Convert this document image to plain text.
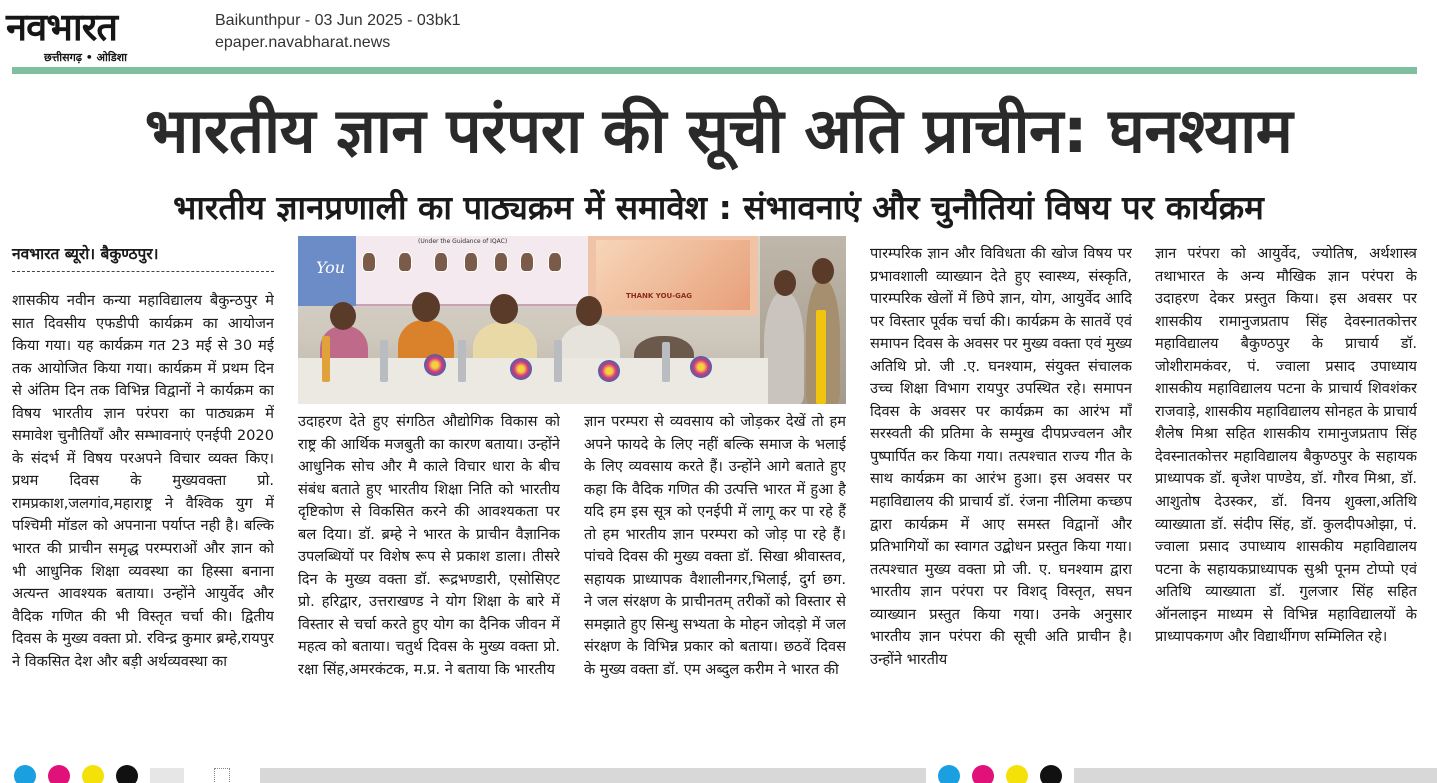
नवभारत
छत्तीसगढ़ • ओडिशा
Baikunthpur - 03 Jun 2025 - 03bk1
epaper.navabharat.news
भारतीय ज्ञान परंपरा की सूची अति प्राचीन: घनश्याम
भारतीय ज्ञानप्रणाली का पाठ्यक्रम में समावेश : संभावनाएं और चुनौतियां विषय पर कार्यक्रम
नवभारत ब्यूरो। बैकुण्ठपुर।

शासकीय नवीन कन्या महाविद्यालय बैकुन्ठपुर मे सात दिवसीय एफडीपी कार्यक्रम का आयोजन किया गया। यह कार्यक्रम गत 23 मई से 30 मई तक आयोजित किया गया। कार्यक्रम में प्रथम दिन से अंतिम दिन तक विभिन्न विद्वानों ने कार्यक्रम का विषय भारतीय ज्ञान परंपरा का पाठ्यक्रम में समावेश चुनौतियाँ और सम्भावनाएं एनईपी 2020 के संदर्भ में विषय परअपने विचार व्यक्त किए। प्रथम दिवस के मुख्यवक्ता प्रो. रामप्रकाश,जलगांव,महाराष्ट्र ने वैश्विक युग में पश्चिमी मॉडल को अपनाना पर्याप्त नही है। बल्कि भारत की प्राचीन समृद्ध परम्पराओं और ज्ञान को भी आधुनिक शिक्षा व्यवस्था का हिस्सा बनाना अत्यन्त आवश्यक बताया। उन्होंने आयुर्वेद और वैदिक गणित की भी विस्तृत चर्चा की। द्वितीय दिवस के मुख्य वक्ता प्रो. रविन्द्र कुमार ब्रम्हे,रायपुर ने विकसित देश और बड़ी अर्थव्यवस्था का

You
(Under the Guidance of IQAC)
THANK YOU-GAG

उदाहरण देते हुए संगठित औद्योगिक विकास को राष्ट्र की आर्थिक मजबुती का कारण बताया। उन्होंने आधुनिक सोच और मै काले विचार धारा के बीच संबंध बताते हुए भारतीय शिक्षा निति को भारतीय दृष्टिकोण से विकसित करने की आवश्यकता पर बल दिया। डॉ. ब्रम्हे ने भारत के प्राचीन वैज्ञानिक उपलब्धियों पर विशेष रूप से प्रकाश डाला। तीसरे दिन के मुख्य वक्ता डॉ. रूद्रभण्डारी, एसोसिएट प्रो. हरिद्वार, उत्तराखण्ड ने योग शिक्षा के बारे में विस्तार से चर्चा करते हुए योग का दैनिक जीवन में महत्व को बताया। चतुर्थ दिवस के मुख्य वक्ता प्रो. रक्षा सिंह,अमरकंटक, म.प्र. ने बताया कि भारतीय

ज्ञान परम्परा से व्यवसाय को जोड़कर देखें तो हम अपने फायदे के लिए नहीं बल्कि समाज के भलाई के लिए व्यवसाय करते हैं। उन्होंने आगे बताते हुए कहा कि वैदिक गणित की उत्पत्ति भारत में हुआ है यदि हम इस सूत्र को एनईपी में लागू कर पा रहे हैं तो हम भारतीय ज्ञान परम्परा को जोड़ पा रहे हैं। पांचवे दिवस की मुख्य वक्ता डॉ. सिखा श्रीवास्तव, सहायक प्राध्यापक वैशालीनगर,भिलाई, दुर्ग छग. ने जल संरक्षण के प्राचीनतम् तरीकों को विस्तार से समझाते हुए सिन्धु सभ्यता के मोहन जोदड़ो में जल संरक्षण के विभिन्न प्रकार को बताया। छठवें दिवस के मुख्य वक्ता डॉ. एम अब्दुल करीम ने भारत की

पारम्परिक ज्ञान और विविधता की खोज विषय पर प्रभावशाली व्याख्यान देते हुए स्वास्थ्य, संस्कृति, पारम्परिक खेलों में छिपे ज्ञान, योग, आयुर्वेद आदि पर विस्तार पूर्वक चर्चा की। कार्यक्रम के सातवें एवं समापन दिवस के अवसर पर मुख्य वक्ता एवं मुख्य अतिथि प्रो. जी .ए. घनश्याम, संयुक्त संचालक उच्च शिक्षा विभाग रायपुर उपस्थित रहे। समापन दिवस के अवसर पर कार्यक्रम का आरंभ माँ सरस्वती की प्रतिमा के सम्मुख दीपप्रज्वलन और पुष्पार्पित कर किया गया। तत्पश्चात राज्य गीत के साथ कार्यक्रम का आरंभ हुआ। इस अवसर पर महाविद्यालय की प्राचार्य डॉ. रंजना नीलिमा कच्छप द्वारा कार्यक्रम में आए समस्त विद्वानों और प्रतिभागियों का स्वागत उद्बोधन प्रस्तुत किया गया। तत्पश्चात मुख्य वक्ता प्रो जी. ए. घनश्याम द्वारा भारतीय ज्ञान परंपरा पर विशद् विस्तृत, सघन व्याख्यान प्रस्तुत किया गया। उनके अनुसार भारतीय ज्ञान परंपरा की सूची अति प्राचीन है। उन्होंने भारतीय

ज्ञान परंपरा को आयुर्वेद, ज्योतिष, अर्थशास्त्र तथाभारत के अन्य मौखिक ज्ञान परंपरा के उदाहरण देकर प्रस्तुत किया। इस अवसर पर शासकीय रामानुजप्रताप सिंह देवस्नातकोत्तर महाविद्यालय बैकुण्ठपुर के प्राचार्य डॉ. जोशीरामकंवर, पं. ज्वाला प्रसाद उपाध्याय शासकीय महाविद्यालय पटना के प्राचार्य शिवशंकर राजवाड़े, शासकीय महाविद्यालय सोनहत के प्राचार्य शैलेष मिश्रा सहित शासकीय रामानुजप्रताप सिंह देवस्नातकोत्तर महाविद्यालय बैकुण्ठपुर के सहायक प्राध्यापक डॉ. बृजेश पाण्डेय, डॉ. गौरव मिश्रा, डॉ. आशुतोष देउस्कर, डॉ. विनय शुक्ला,अतिथि व्याख्याता डॉ. संदीप सिंह, डॉ. कुलदीपओझा, पं. ज्वाला प्रसाद उपाध्याय शासकीय महाविद्यालय पटना के सहायकप्राध्यापक सुश्री पूनम टोप्पो एवं अतिथि व्याख्याता डॉ. गुलजार सिंह सहित ऑनलाइन माध्यम से विभिन्न महाविद्यालयों के प्राध्यापकगण और विद्यार्थीगण सम्मिलित रहे।
